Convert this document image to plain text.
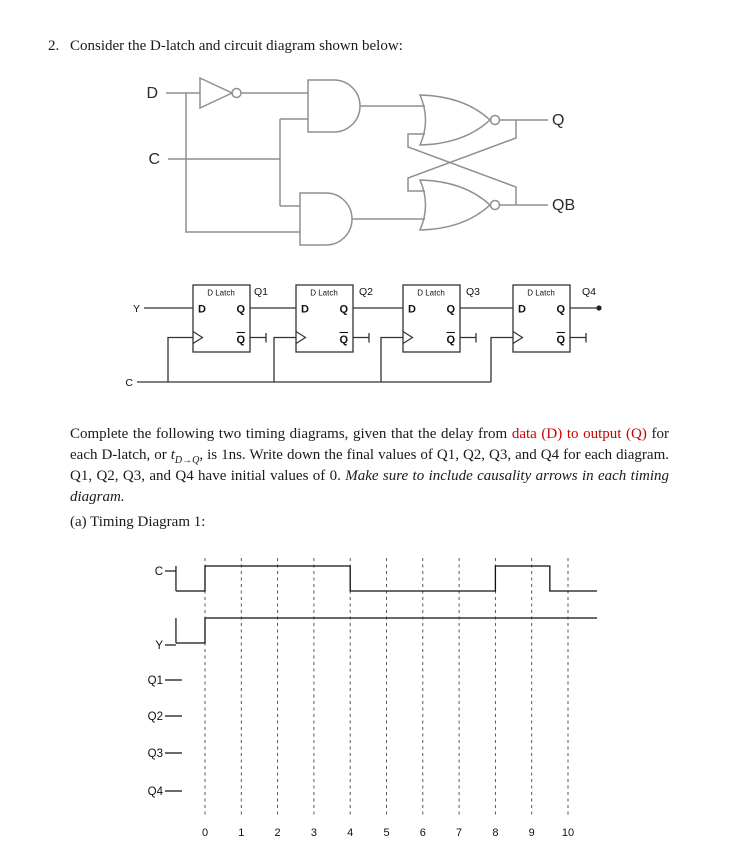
2. Consider the D-latch and circuit diagram shown below:
D
C
Q
QB
D Latch
D	Q
Q
D Latch
D	Q
Q
D Latch
D	Q
Q
D Latch
D	Q
Q
Y
C
Q1	Q2	Q3	Q4

Complete the following two timing diagrams, given that the delay from data (D) to output (Q) for each D-latch, or $t_{D\to Q}$, is 1ns. Write down the final values of Q1, Q2, Q3, and Q4 for each diagram. Q1, Q2, Q3, and Q4 have initial values of 0. Make sure to include causality arrows in each timing diagram.

(a) Timing Diagram 1:
0	1	2	3	4	5	6	7	8	9 10
C
Y
Q1
Q2
Q3
Q4
